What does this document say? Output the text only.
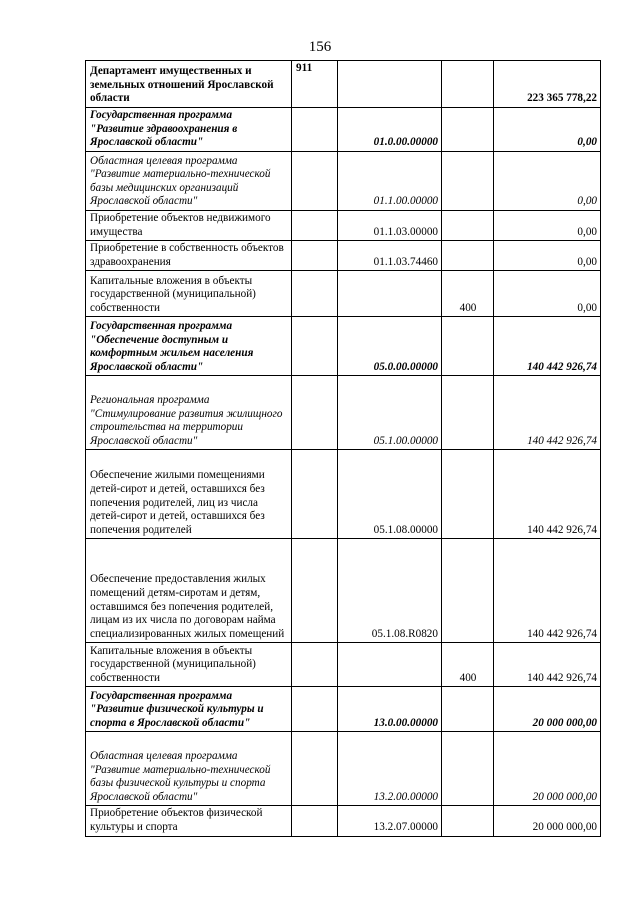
156
Департамент имущественных и земельных отношений Ярославской области	911			223 365 778,22
Государственная программа "Развитие здравоохранения в Ярославской области"		01.0.00.00000		0,00
Областная целевая программа "Развитие материально-технической базы медицинских организаций Ярославской области"		01.1.00.00000		0,00
Приобретение объектов недвижимого имущества		01.1.03.00000		0,00
Приобретение в собственность объектов здравоохранения		01.1.03.74460		0,00
Капитальные вложения в объекты государственной (муниципальной) собственности			400	0,00
Государственная программа "Обеспечение доступным и комфортным жильем населения Ярославской области"		05.0.00.00000		140 442 926,74
Региональная программа "Стимулирование развития жилищного строительства на территории Ярославской области"		05.1.00.00000		140 442 926,74
Обеспечение жилыми помещениями детей-сирот и детей, оставшихся без попечения родителей, лиц из числа детей-сирот и детей, оставшихся без попечения родителей		05.1.08.00000		140 442 926,74
Обеспечение предоставления жилых помещений детям-сиротам и детям, оставшимся без попечения родителей, лицам из их числа по договорам найма специализированных жилых помещений		05.1.08.R0820		140 442 926,74
Капитальные вложения в объекты государственной (муниципальной) собственности			400	140 442 926,74
Государственная программа "Развитие физической культуры и спорта в Ярославской области"		13.0.00.00000		20 000 000,00
Областная целевая программа "Развитие материально-технической базы физической культуры и спорта Ярославской области"		13.2.00.00000		20 000 000,00
Приобретение объектов физической культуры и спорта		13.2.07.00000		20 000 000,00
